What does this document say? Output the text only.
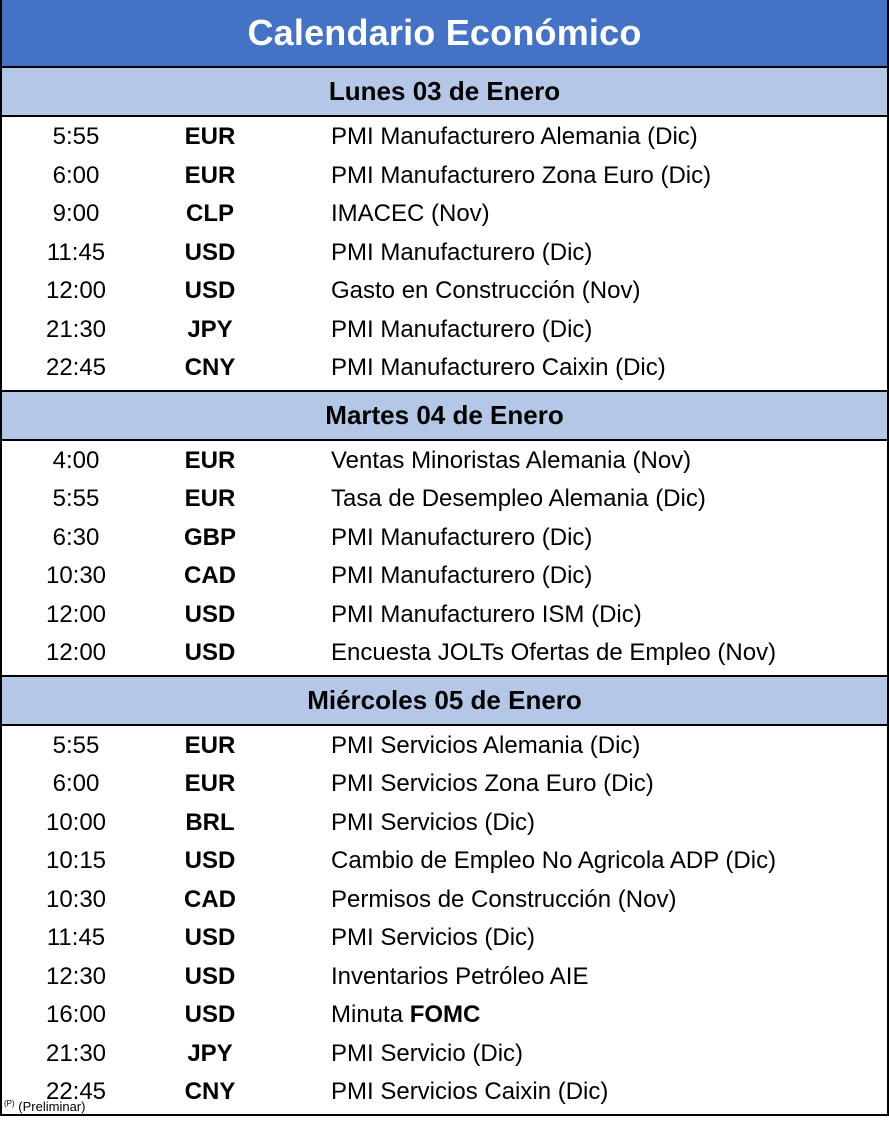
Calendario Económico
Lunes 03 de Enero
5:55	EUR	PMI Manufacturero Alemania (Dic)
6:00	EUR	PMI Manufacturero Zona Euro (Dic)
9:00	CLP	IMACEC (Nov)
11:45	USD	PMI Manufacturero (Dic)
12:00	USD	Gasto en Construcción (Nov)
21:30	JPY	PMI Manufacturero (Dic)
22:45	CNY	PMI Manufacturero Caixin (Dic)
Martes 04 de Enero
4:00	EUR	Ventas Minoristas Alemania (Nov)
5:55	EUR	Tasa de Desempleo Alemania (Dic)
6:30	GBP	PMI Manufacturero (Dic)
10:30	CAD	PMI Manufacturero (Dic)
12:00	USD	PMI Manufacturero ISM (Dic)
12:00	USD	Encuesta JOLTs Ofertas de Empleo (Nov)
Miércoles 05 de Enero
5:55	EUR	PMI Servicios Alemania (Dic)
6:00	EUR	PMI Servicios Zona Euro (Dic)
10:00	BRL	PMI Servicios (Dic)
10:15	USD	Cambio de Empleo No Agricola ADP (Dic)
10:30	CAD	Permisos de Construcción (Nov)
11:45	USD	PMI Servicios (Dic)
12:30	USD	Inventarios Petróleo AIE
16:00	USD	Minuta FOMC
21:30	JPY	PMI Servicio (Dic)
22:45	CNY	PMI Servicios Caixin (Dic)
$^{(P)}$ (Preliminar)
